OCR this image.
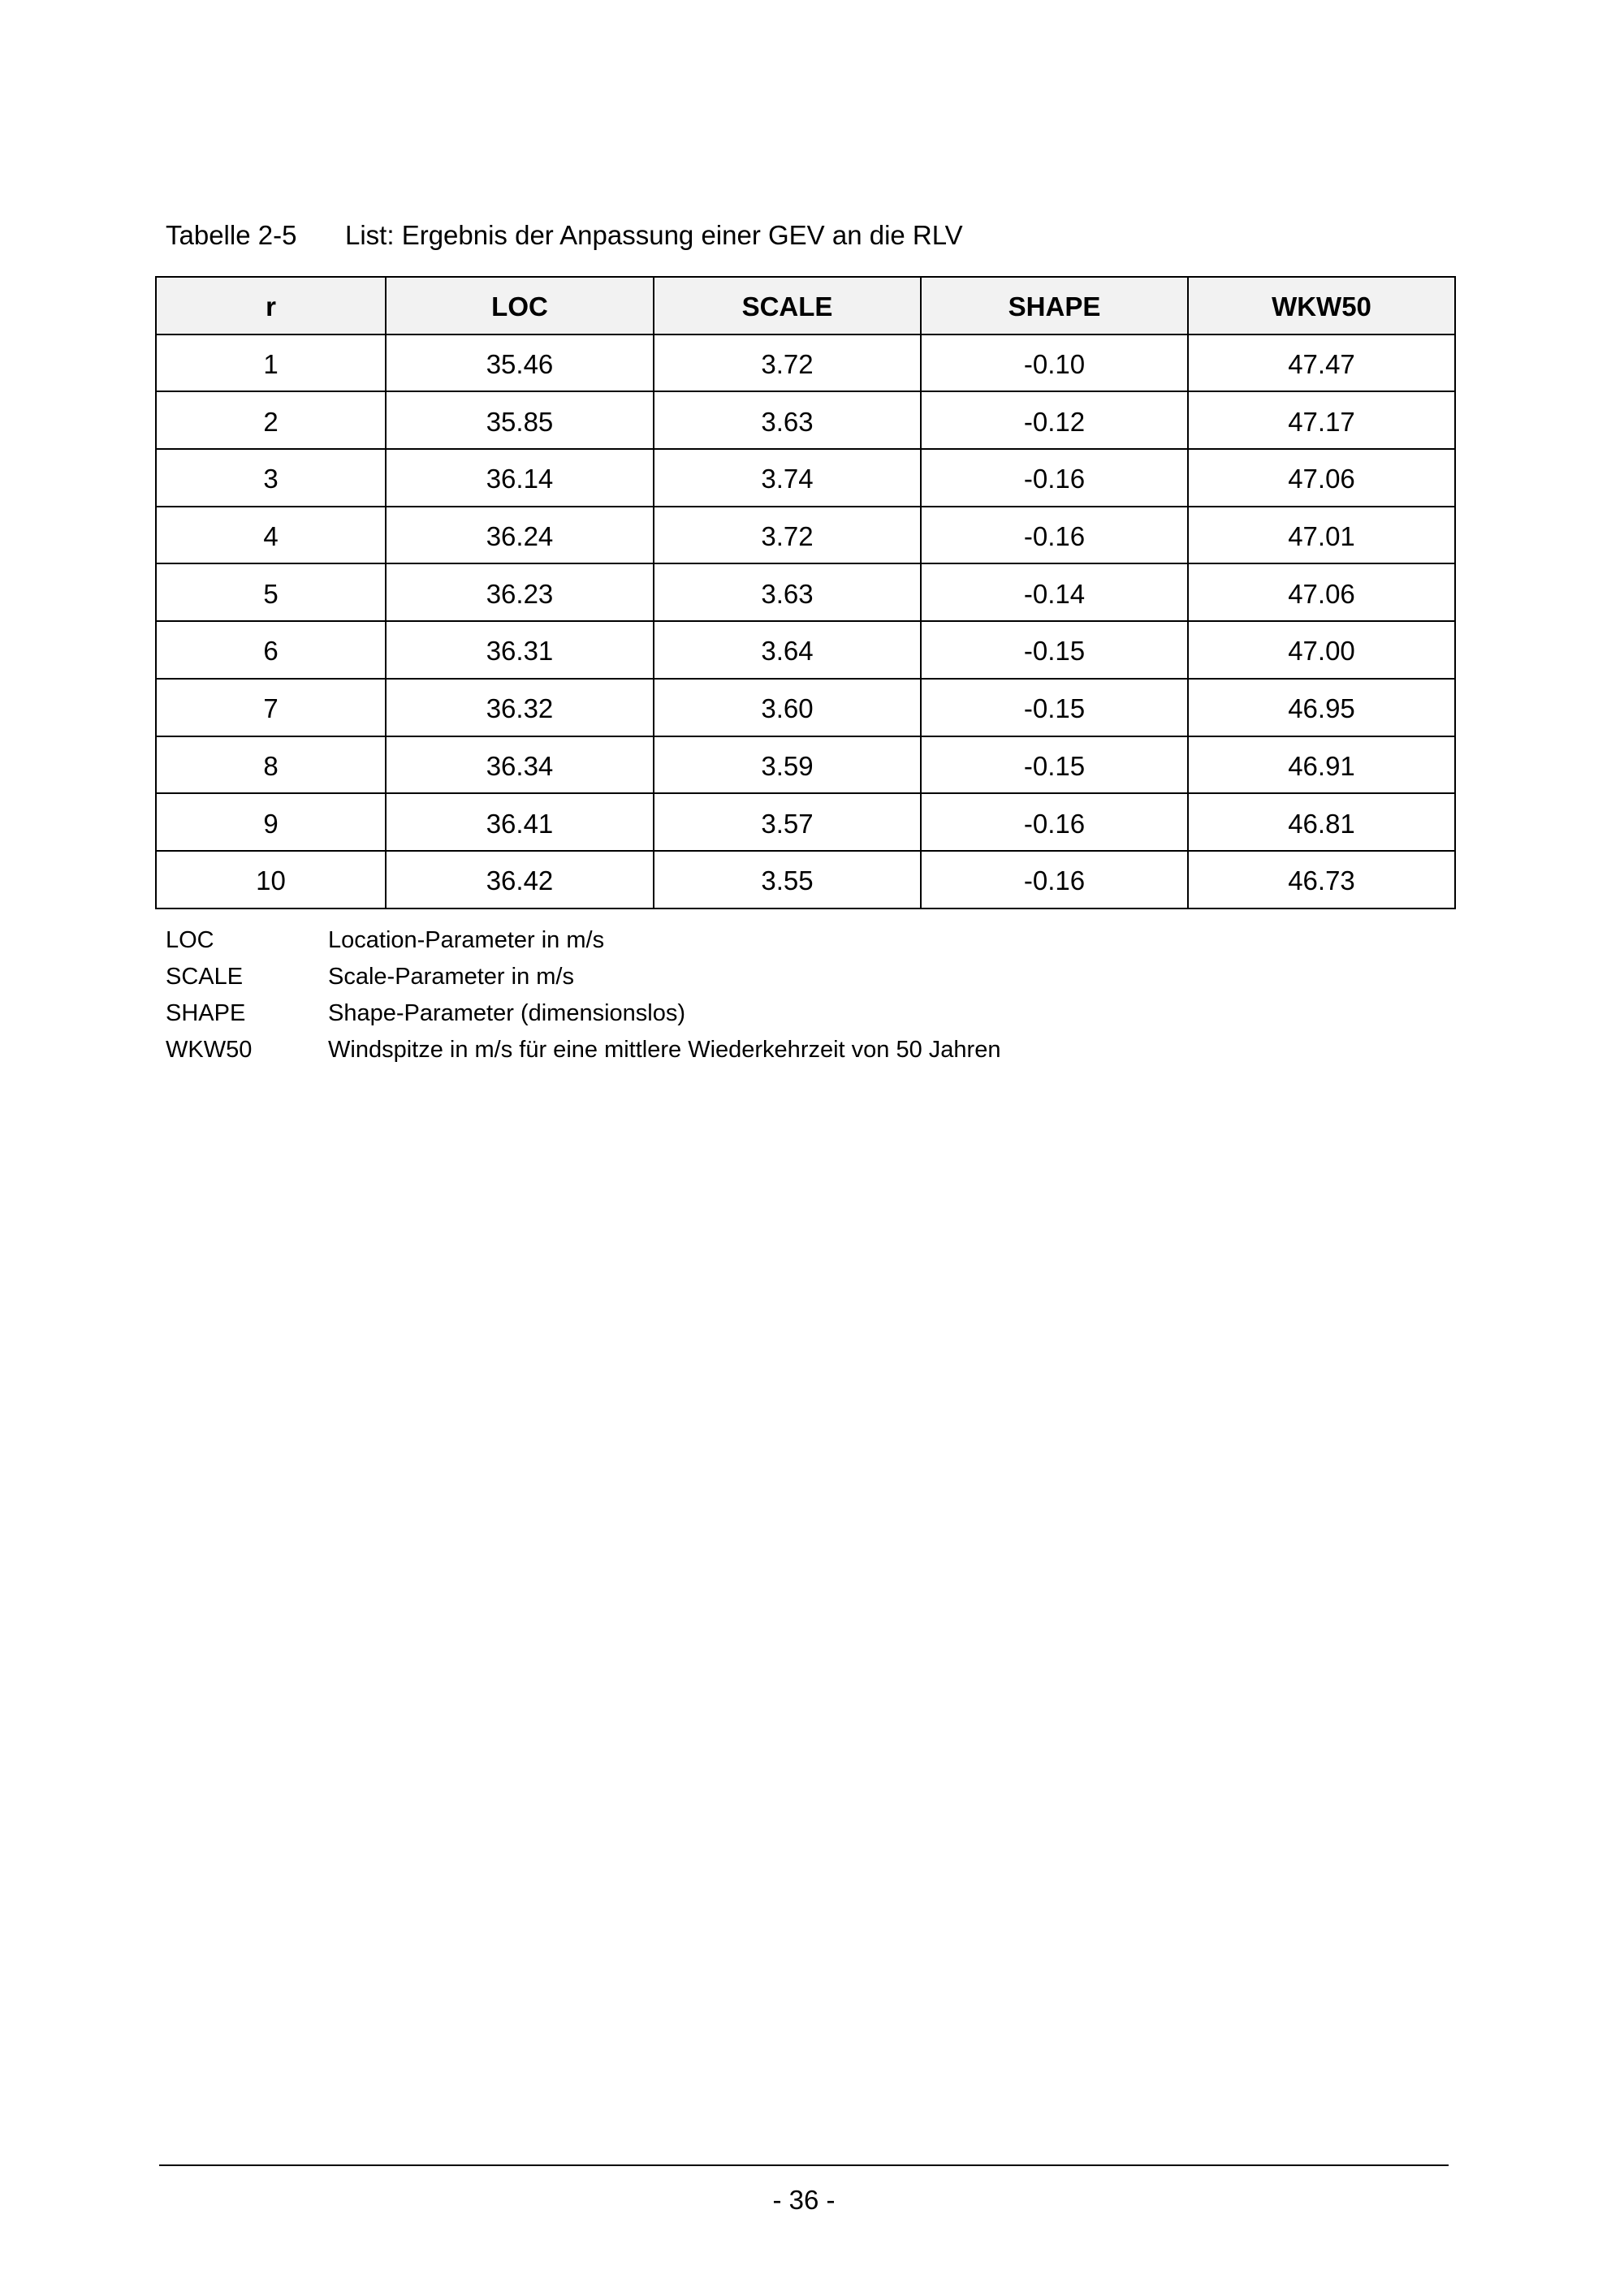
Tabelle 2-5 List: Ergebnis der Anpassung einer GEV an die RLV
r	LOC	SCALE	SHAPE	WKW50
1	35.46	3.72	-0.10	47.47
2	35.85	3.63	-0.12	47.17
3	36.14	3.74	-0.16	47.06
4	36.24	3.72	-0.16	47.01
5	36.23	3.63	-0.14	47.06
6	36.31	3.64	-0.15	47.00
7	36.32	3.60	-0.15	46.95
8	36.34	3.59	-0.15	46.91
9	36.41	3.57	-0.16	46.81
10	36.42	3.55	-0.16	46.73
LOC	Location-Parameter in m/s
SCALE	Scale-Parameter in m/s
SHAPE	Shape-Parameter (dimensionslos)
WKW50	Windspitze in m/s für eine mittlere Wiederkehrzeit von 50 Jahren
- 36 -
